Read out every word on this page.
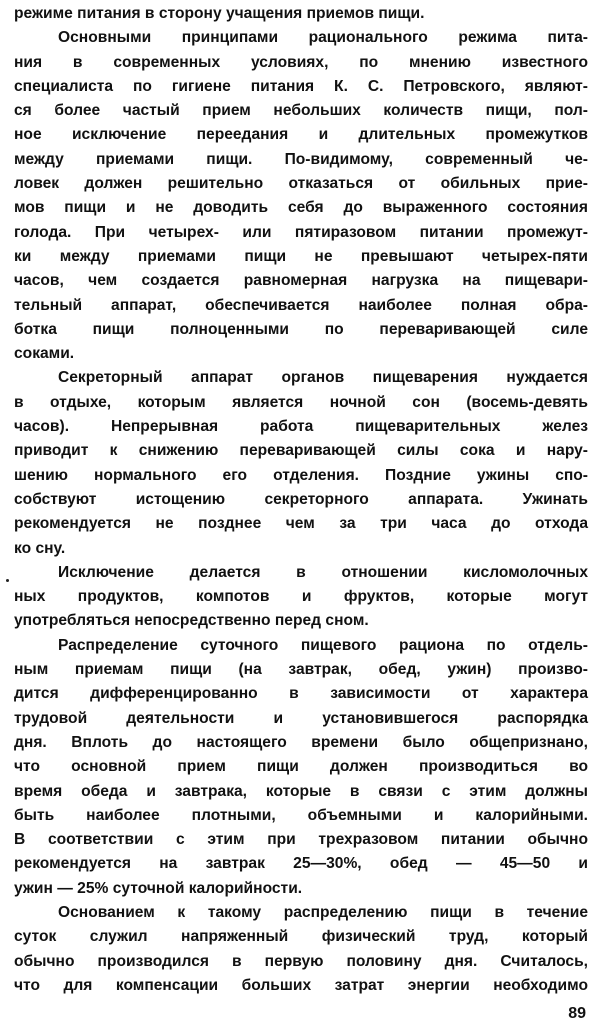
режиме питания в сторону учащения приемов пищи.
Основными принципами рационального режима пита-
ния в современных условиях, по мнению известного
специалиста по гигиене питания К. С. Петровского, являют-
ся более частый прием небольших количеств пищи, пол-
ное исключение переедания и длительных промежутков
между приемами пищи. По-видимому, современный че-
ловек должен решительно отказаться от обильных прие-
мов пищи и не доводить себя до выраженного состояния
голода. При четырех- или пятиразовом питании промежут-
ки между приемами пищи не превышают четырех-пяти
часов, чем создается равномерная нагрузка на пищевари-
тельный аппарат, обеспечивается наиболее полная обра-
ботка пищи полноценными по переваривающей силе
соками.
Секреторный аппарат органов пищеварения нуждается
в отдыхе, которым является ночной сон (восемь-девять
часов). Непрерывная работа пищеварительных желез
приводит к снижению переваривающей силы сока и нару-
шению нормального его отделения. Поздние ужины спо-
собствуют истощению секреторного аппарата. Ужинать
рекомендуется не позднее чем за три часа до отхода
ко сну.
Исключение делается в отношении кисломолочных
ных продуктов, компотов и фруктов, которые могут
употребляться непосредственно перед сном.
Распределение суточного пищевого рациона по отдель-
ным приемам пищи (на завтрак, обед, ужин) произво-
дится дифференцированно в зависимости от характера
трудовой деятельности и установившегося распорядка
дня. Вплоть до настоящего времени было общепризнано,
что основной прием пищи должен производиться во
время обеда и завтрака, которые в связи с этим должны
быть наиболее плотными, объемными и калорийными.
В соответствии с этим при трехразовом питании обычно
рекомендуется на завтрак 25—30%, обед — 45—50 и
ужин — 25% суточной калорийности.
Основанием к такому распределению пищи в течение
суток служил напряженный физический труд, который
обычно производился в первую половину дня. Считалось,
что для компенсации больших затрат энергии необходимо
89
